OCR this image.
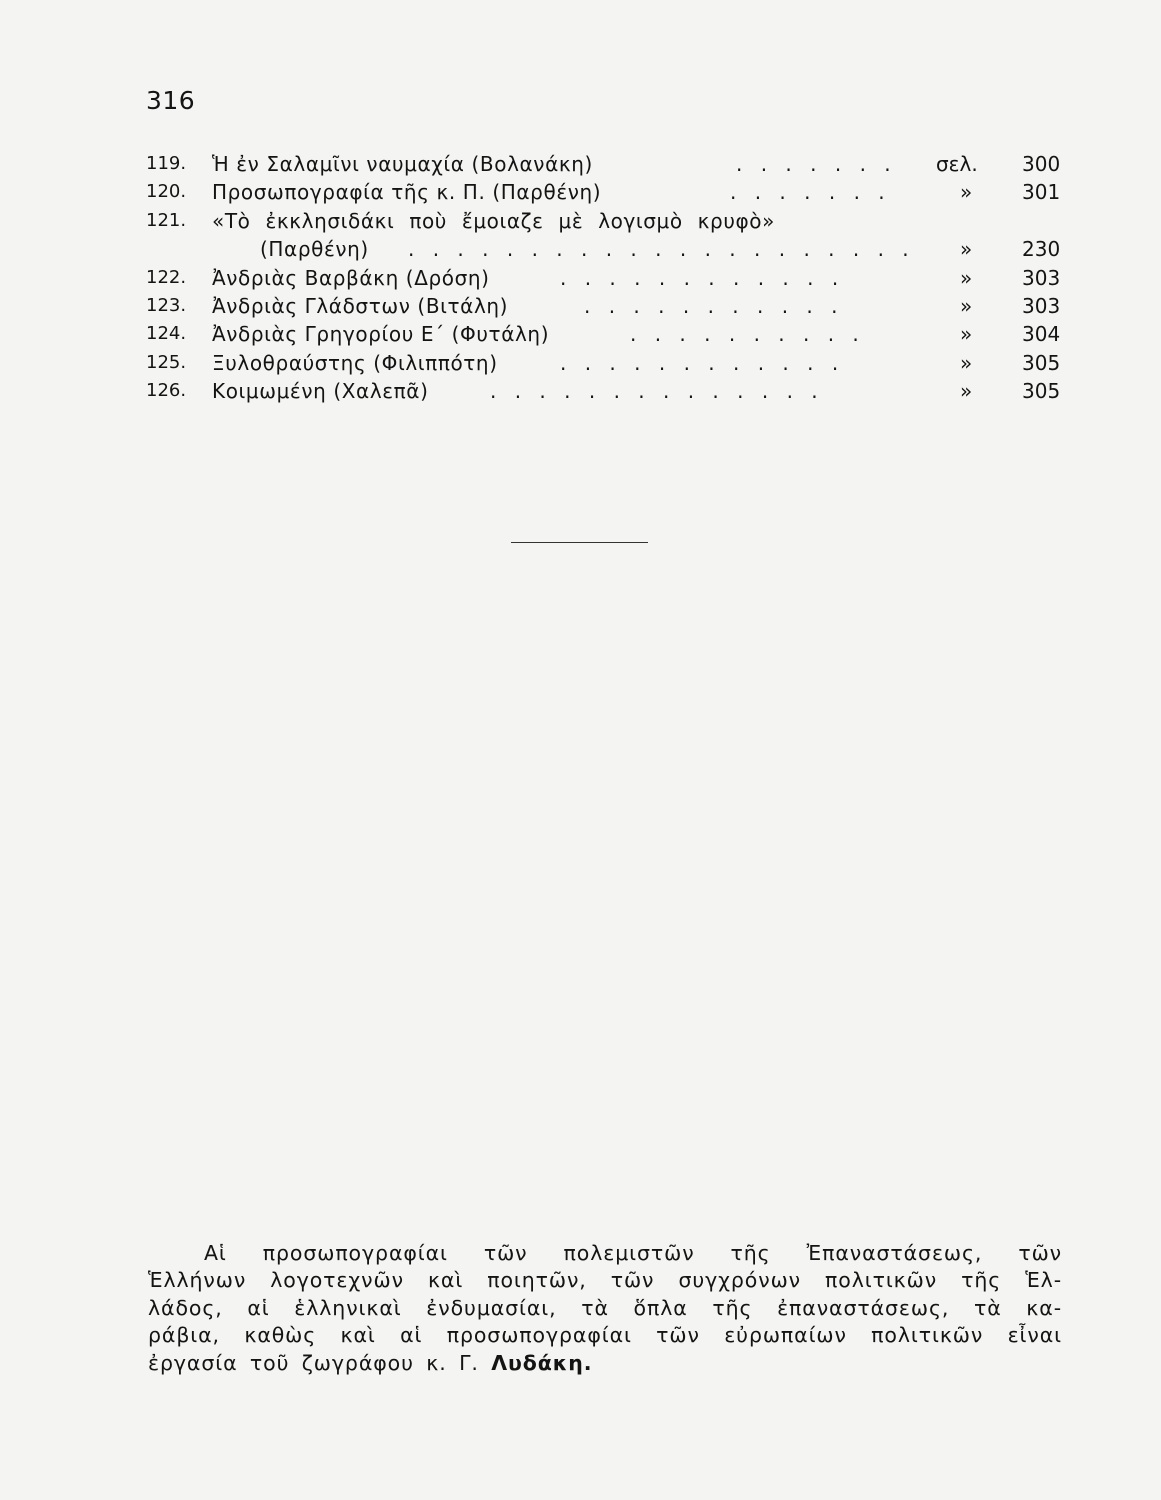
316
119. Ἡ ἐν Σαλαμῖνι ναυμαχία (Βολανάκη)	. . . . . . . σελ. 300
120. Προσωπογραφία τῆς κ. Π. (Παρθένη)	. . . . . . .	» 301
121. «Τὸ ἐκκλησιδάκι ποὺ ἔμοιαζε μὲ λογισμὸ κρυφὸ»
(Παρθένη) . . . . . . . . . . . . . . . . . . . . . » 230
122. Ἀνδριὰς Βαρβάκη (Δρόση)	. . . . . . . . . . . .	» 303
123. Ἀνδριὰς Γλάδστων (Βιτάλη)	. . . . . . . . . . .	» 303
124. Ἀνδριὰς Γρηγορίου Ε´ (Φυτάλη)	. . . . . . . . . .	» 304
125. Ξυλοθραύστης (Φιλιππότη)	. . . . . . . . . . . .	» 305
126. Κοιμωμένη (Χαλεπᾶ)	. . . . . . . . . . . . . .	» 305
Αἱ προσωπογραφίαι τῶν πολεμιστῶν τῆς Ἐπαναστάσεως, τῶν
Ἑλλήνων λογοτεχνῶν καὶ ποιητῶν, τῶν συγχρόνων πολιτικῶν τῆς Ἑλ-
λάδος, αἱ ἑλληνικαὶ ἐνδυμασίαι, τὰ ὅπλα τῆς ἐπαναστάσεως, τὰ κα-
ράβια, καθὼς καὶ αἱ προσωπογραφίαι τῶν εὐρωπαίων πολιτικῶν εἶναι
ἐργασία τοῦ ζωγράφου κ. Γ. Λυδάκη.
